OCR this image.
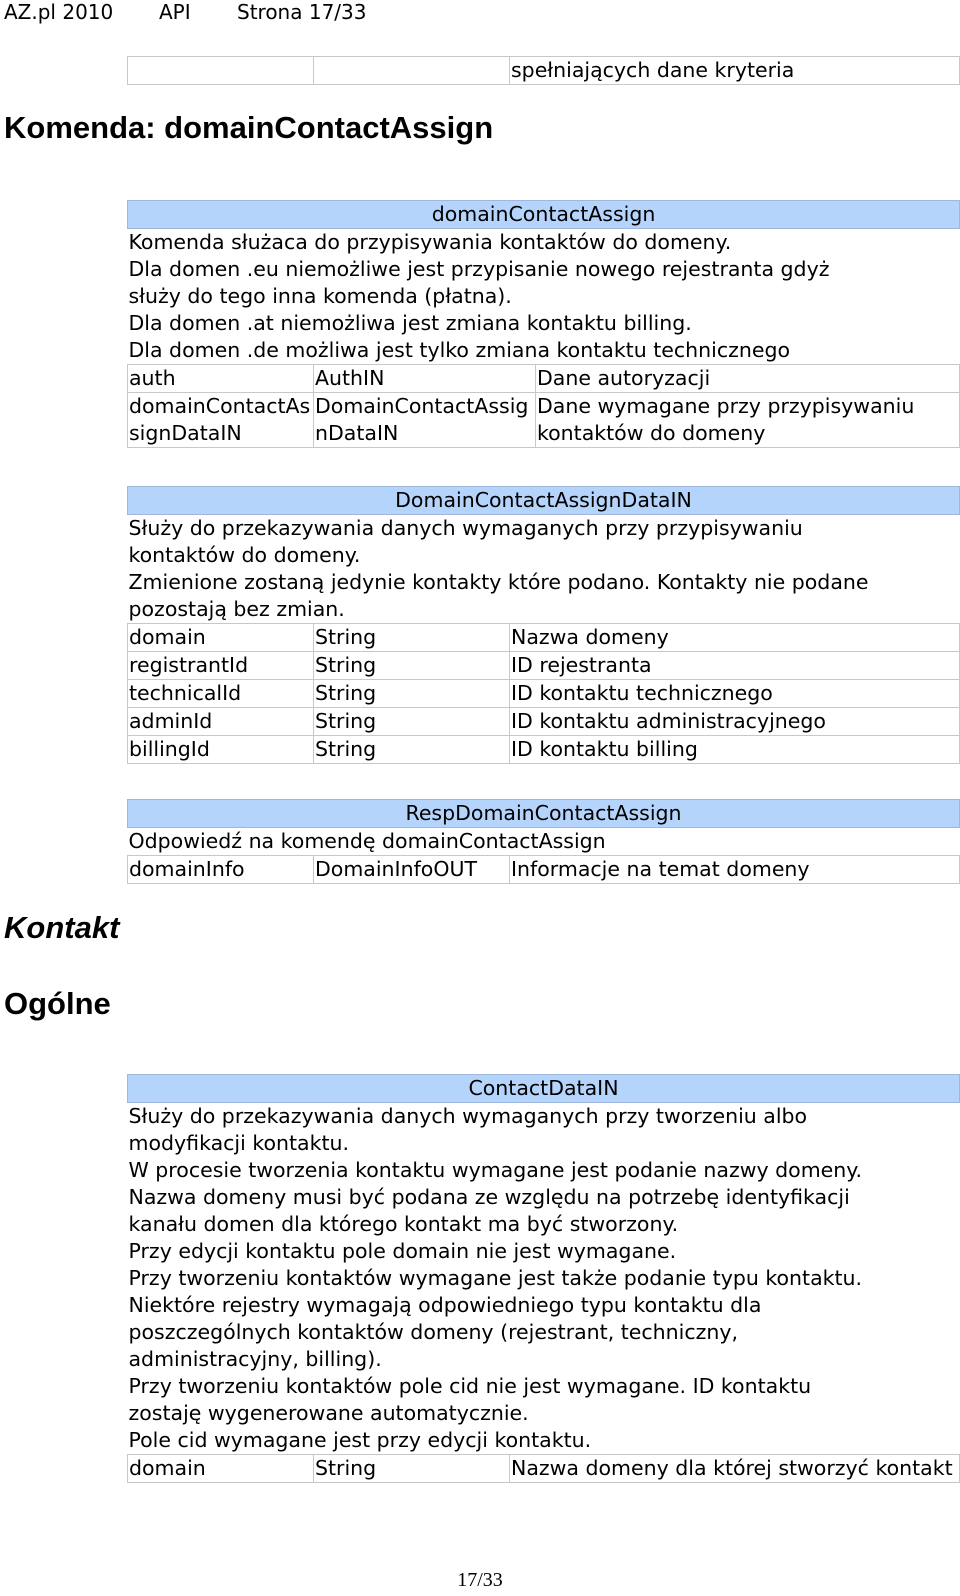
AZ.pl 2010 API Strona 17/33
		spełniających dane kryteria
Komenda: domainContactAssign
domainContactAssign		

Komenda służaca do przypisywania kontaktów do domeny.
Dla domen .eu niemożliwe jest przypisanie nowego rejestranta gdyż
służy do tego inna komenda (płatna).
Dla domen .at niemożliwa jest zmiana kontaktu billing.
Dla domen .de możliwa jest tylko zmiana kontaktu technicznego		

auth	AuthIN	Dane autoryzacji
domainContactAssignDataIN	DomainContactAssignDataIN	Dane wymagane przy przypisywaniu kontaktów do domeny
DomainContactAssignDataIN		

Służy do przekazywania danych wymaganych przy przypisywaniu
kontaktów do domeny.
Zmienione zostaną jedynie kontakty które podano. Kontakty nie podane
pozostają bez zmian.		

domain	String	Nazwa domeny
registrantId	String	ID rejestranta
technicalId	String	ID kontaktu technicznego
adminId	String	ID kontaktu administracyjnego
billingId	String	ID kontaktu billing
RespDomainContactAssign

Odpowiedź na komendę domainContactAssign

domainInfo	DomainInfoOUT	Informacje na temat domeny
Kontakt
Ogólne
ContactDataIN

Służy do przekazywania danych wymaganych przy tworzeniu albo
modyfikacji kontaktu.
W procesie tworzenia kontaktu wymagane jest podanie nazwy domeny.
Nazwa domeny musi być podana ze względu na potrzebę identyfikacji
kanału domen dla którego kontakt ma być stworzony.
Przy edycji kontaktu pole domain nie jest wymagane.
Przy tworzeniu kontaktów wymagane jest także podanie typu kontaktu.
Niektóre rejestry wymagają odpowiedniego typu kontaktu dla
poszczególnych kontaktów domeny (rejestrant, techniczny,
administracyjny, billing).
Przy tworzeniu kontaktów pole cid nie jest wymagane. ID kontaktu
zostaję wygenerowane automatycznie.
Pole cid wymagane jest przy edycji kontaktu.

domain	String	Nazwa domeny dla której stworzyć kontakt
17/33
